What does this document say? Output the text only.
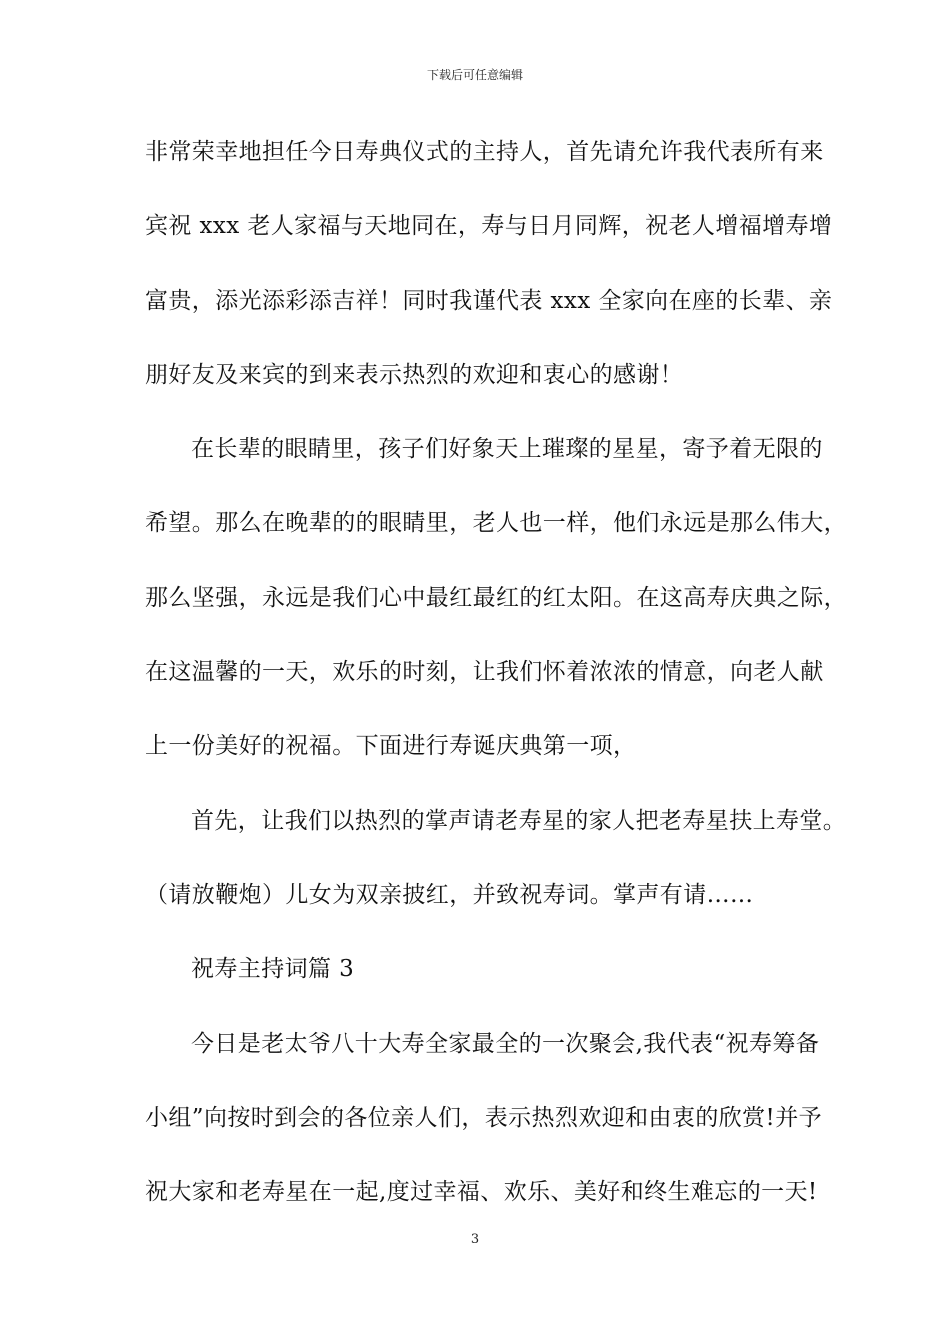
下载后可任意编辑
非常荣幸地担任今日寿典仪式的主持人，首先请允许我代表所有来
宾祝 xxx 老人家福与天地同在，寿与日月同辉，祝老人增福增寿增
富贵，添光添彩添吉祥！同时我谨代表 xxx 全家向在座的长辈、亲
朋好友及来宾的到来表示热烈的欢迎和衷心的感谢！
在长辈的眼睛里，孩子们好象天上璀璨的星星，寄予着无限的
希望。那么在晚辈的的眼睛里，老人也一样，他们永远是那么伟大，
那么坚强，永远是我们心中最红最红的红太阳。在这高寿庆典之际，
在这温馨的一天，欢乐的时刻，让我们怀着浓浓的情意，向老人献
上一份美好的祝福。下面进行寿诞庆典第一项，
首先，让我们以热烈的掌声请老寿星的家人把老寿星扶上寿堂。
（请放鞭炮）儿女为双亲披红，并致祝寿词。掌声有请……
祝寿主持词篇 3
今日是老太爷八十大寿全家最全的一次聚会,我代表“祝寿筹备
小组”向按时到会的各位亲人们，表示热烈欢迎和由衷的欣赏!并予
祝大家和老寿星在一起,度过幸福、欢乐、美好和终生难忘的一天!
3
